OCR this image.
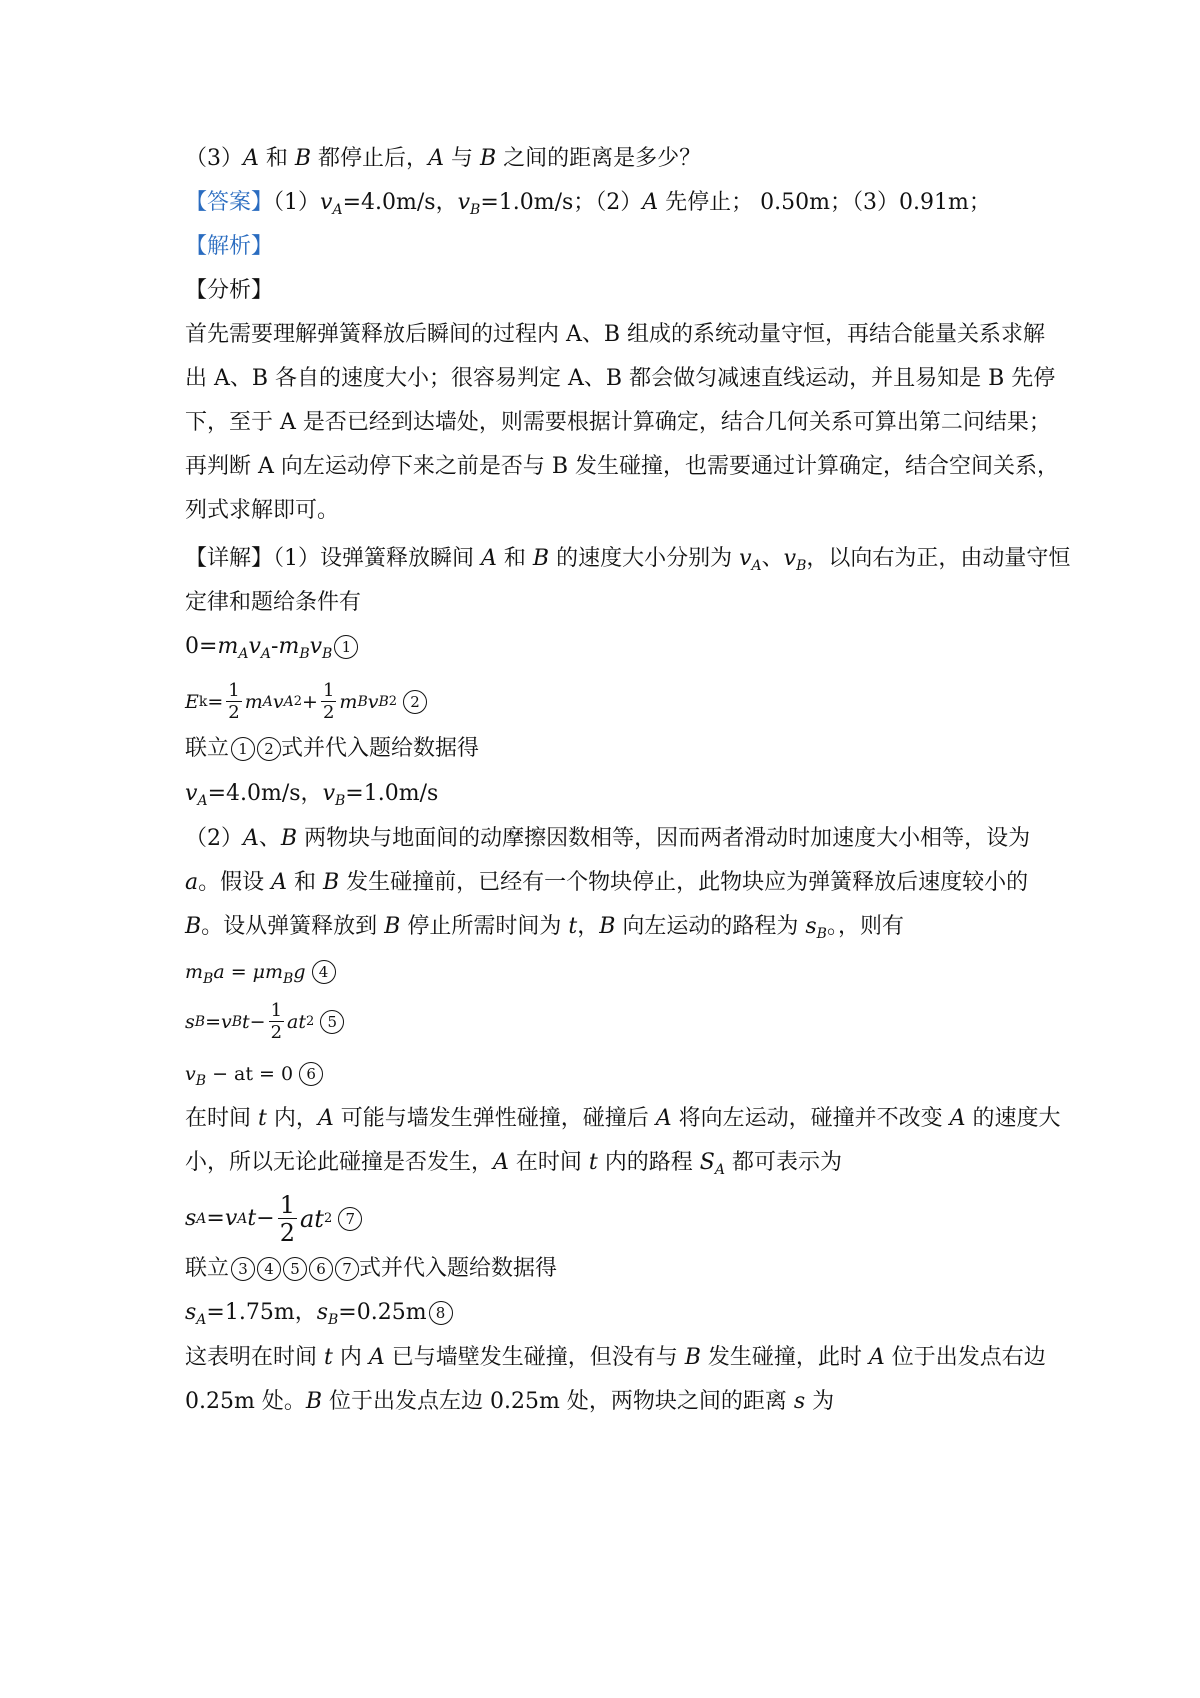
（3）A 和 B 都停止后，A 与 B 之间的距离是多少？
【答案】$(1)v_A=4.0m/s$，$v_B=1.0m/s$；（2）A 先停止； 0.50m；（3）0.91m；
【解析】
【分析】
首先需要理解弹簧释放后瞬间的过程内 A、B 组成的系统动量守恒，再结合能量关系求解
出 A、B 各自的速度大小；很容易判定 A、B 都会做匀减速直线运动，并且易知是 B 先停
下，至于 A 是否已经到达墙处，则需要根据计算确定，结合几何关系可算出第二问结果；
再判断 A 向左运动停下来之前是否与 B 发生碰撞，也需要通过计算确定，结合空间关系，
列式求解即可。
【详解】（1）设弹簧释放瞬间 A 和 B 的速度大小分别为 $v_A$、$v_B$，以向右为正，由动量守恒
定律和题给条件有
$0=m_Av_A-m_Bv_B$ 1
E $k = \frac{1}{2}$ m A v A $2 + \frac{1}{2}$ m B v B 2 2
联立 1 2 式并代入题给数据得
$v_A=4.0m/s$，$v_B=1.0m/s$
（2）A、B 两物块与地面间的动摩擦因数相等，因而两者滑动时加速度大小相等，设为
a。假设 A 和 B 发生碰撞前，已经有一个物块停止，此物块应为弹簧释放后速度较小的
B。设从弹簧释放到 B 停止所需时间为 t，B 向左运动的路程为 $s_B$。，则有
$m_Ba = \mu m_Bg$ 4
s B = v B $t - \frac{1}{2}$ at 2 5
$v_B$ − at = 0 6
在时间 t 内，A 可能与墙发生弹性碰撞，碰撞后 A 将向左运动，碰撞并不改变 A 的速度大
小，所以无论此碰撞是否发生，A 在时间 t 内的路程 $S_A$ 都可表示为
s A = v A $t - \frac{1}{2}$ at 2 7
联立 3 4 5 6 7 式并代入题给数据得
$s_A=1.75m$，$s_B=0.25m$ 8
这表明在时间 t 内 A 已与墙壁发生碰撞，但没有与 B 发生碰撞，此时 A 位于出发点右边
0.25m 处。B 位于出发点左边 0.25m 处，两物块之间的距离 s 为
